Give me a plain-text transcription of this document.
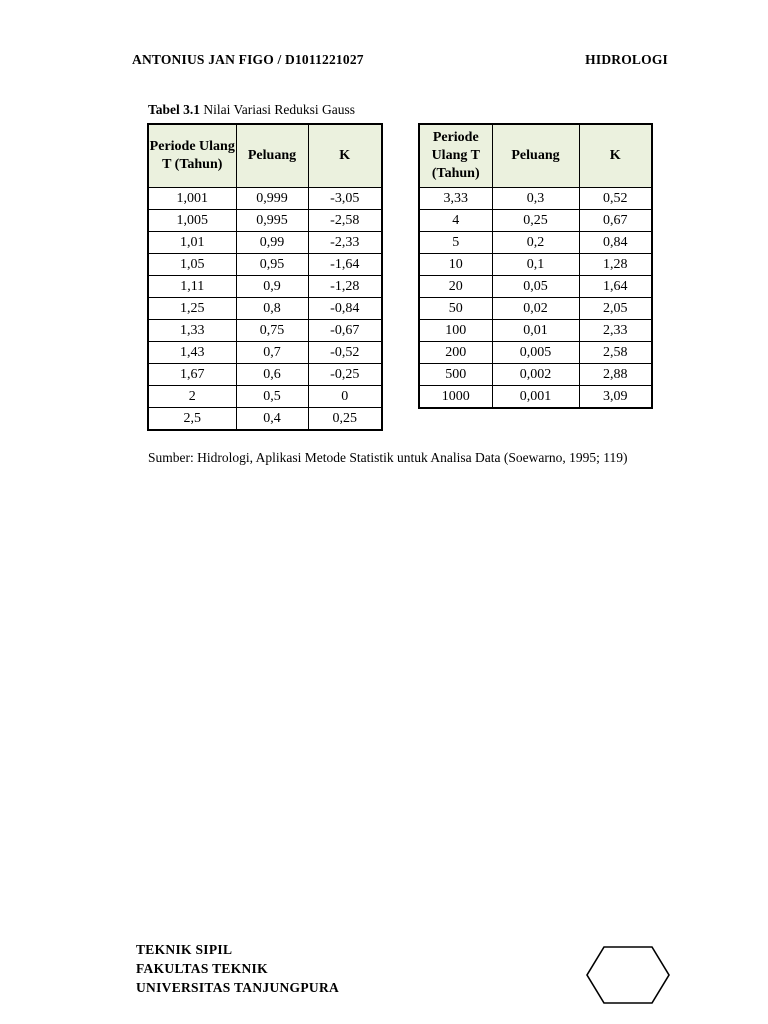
ANTONIUS JAN FIGO / D1011221027	HIDROLOGI
Tabel 3.1 Nilai Variasi Reduksi Gauss
Periode Ulang T (Tahun)	Peluang	K
1,001	0,999	-3,05
1,005	0,995	-2,58
1,01	0,99	-2,33
1,05	0,95	-1,64
1,11	0,9	-1,28
1,25	0,8	-0,84
1,33	0,75	-0,67
1,43	0,7	-0,52
1,67	0,6	-0,25
2	0,5	0
2,5	0,4	0,25
Periode Ulang T (Tahun)	Peluang	K
3,33	0,3	0,52
4	0,25	0,67
5	0,2	0,84
10	0,1	1,28
20	0,05	1,64
50	0,02	2,05
100	0,01	2,33
200	0,005	2,58
500	0,002	2,88
1000	0,001	3,09
Sumber: Hidrologi, Aplikasi Metode Statistik untuk Analisa Data (Soewarno, 1995; 119)
TEKNIK SIPIL
FAKULTAS TEKNIK
UNIVERSITAS TANJUNGPURA
